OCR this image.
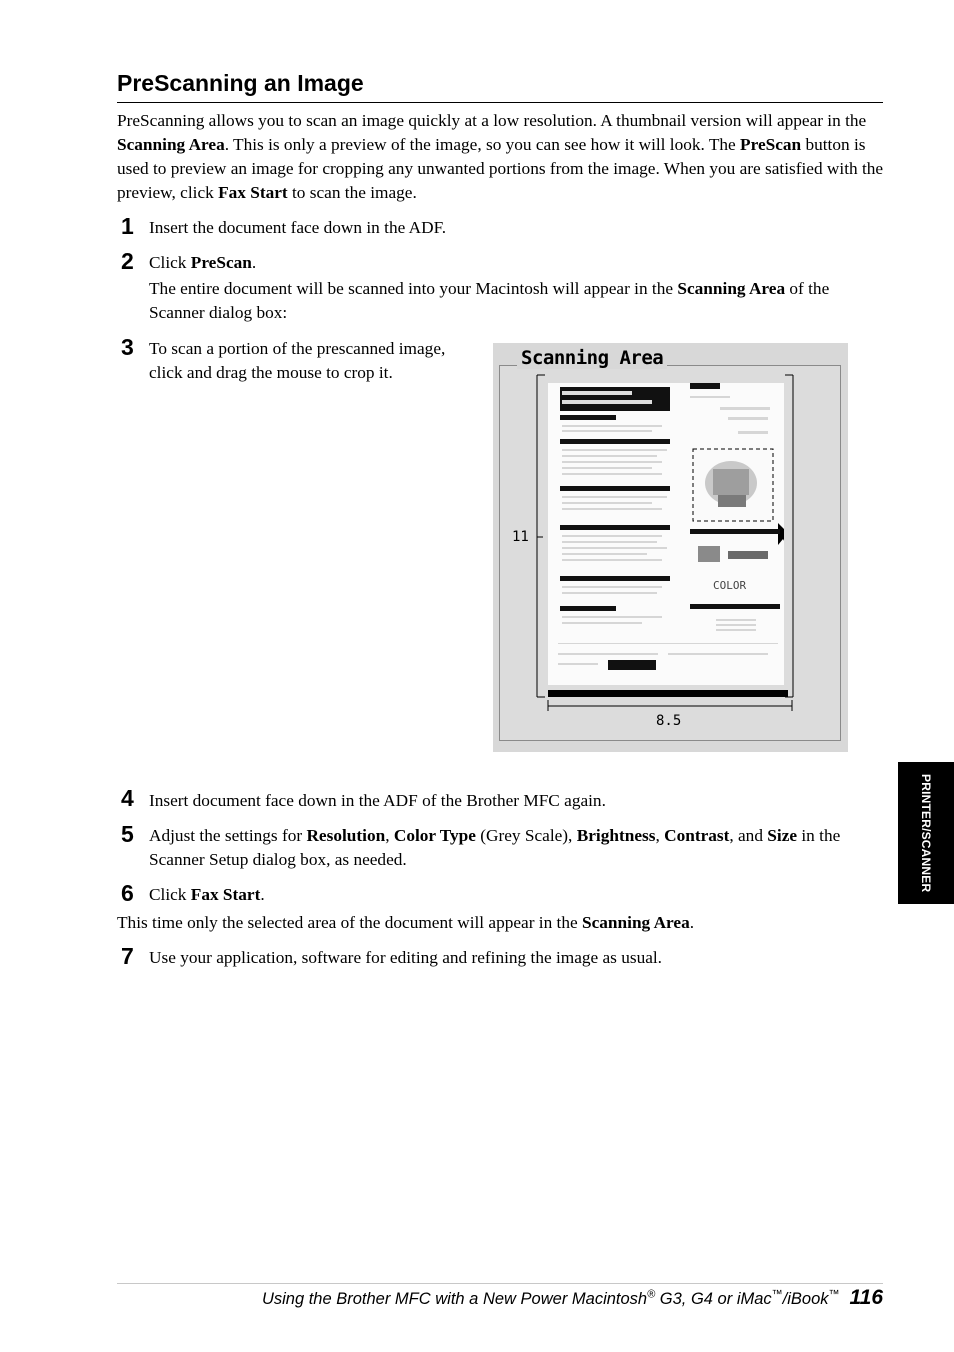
PreScanning an Image

PreScanning allows you to scan an image quickly at a low resolution. A thumbnail version will appear in the Scanning Area. This is only a preview of the image, so you can see how it will look. The PreScan button is used to preview an image for cropping any unwanted portions from the image. When you are satisfied with the preview, click Fax Start to scan the image.

1 Insert the document face down in the ADF.
2 Click PreScan.
The entire document will be scanned into your Macintosh will appear in the Scanning Area of the Scanner dialog box:
3 To scan a portion of the prescanned image, click and drag the mouse to crop it.
Scanning Area
COLOR
11
8.5
4 Insert document face down in the ADF of the Brother MFC again.
5 Adjust the settings for Resolution, Color Type (Grey Scale), Brightness, Contrast, and Size in the Scanner Setup dialog box, as needed.
6 Click Fax Start.
This time only the selected area of the document will appear in the Scanning Area.
7 Use your application, software for editing and refining the image as usual.
PRINTER/SCANNER
Using the Brother MFC with a New Power Macintosh® G3, G4 or iMac™/iBook™ 116
